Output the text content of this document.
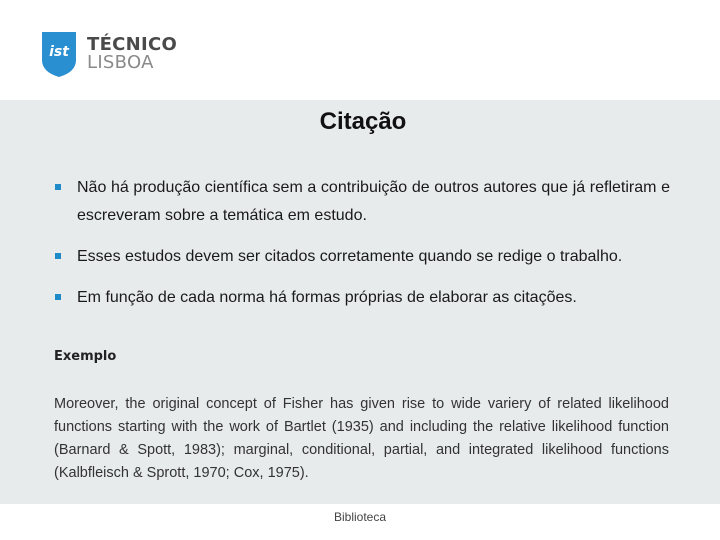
ist TÉCNICO
LISBOA
Citação
Não há produção científica sem a contribuição de outros autores que já refletiram e escreveram sobre a temática em estudo.
Esses estudos devem ser citados corretamente quando se redige o trabalho.
Em função de cada norma há formas próprias de elaborar as citações.
Exemplo

Moreover, the original concept of Fisher has given rise to wide variery of related likelihood functions starting with the work of Bartlet (1935) and including the relative likelihood function (Barnard & Spott, 1983); marginal, conditional, partial, and integrated likelihood functions (Kalbfleisch & Sprott, 1970; Cox, 1975).

Biblioteca
